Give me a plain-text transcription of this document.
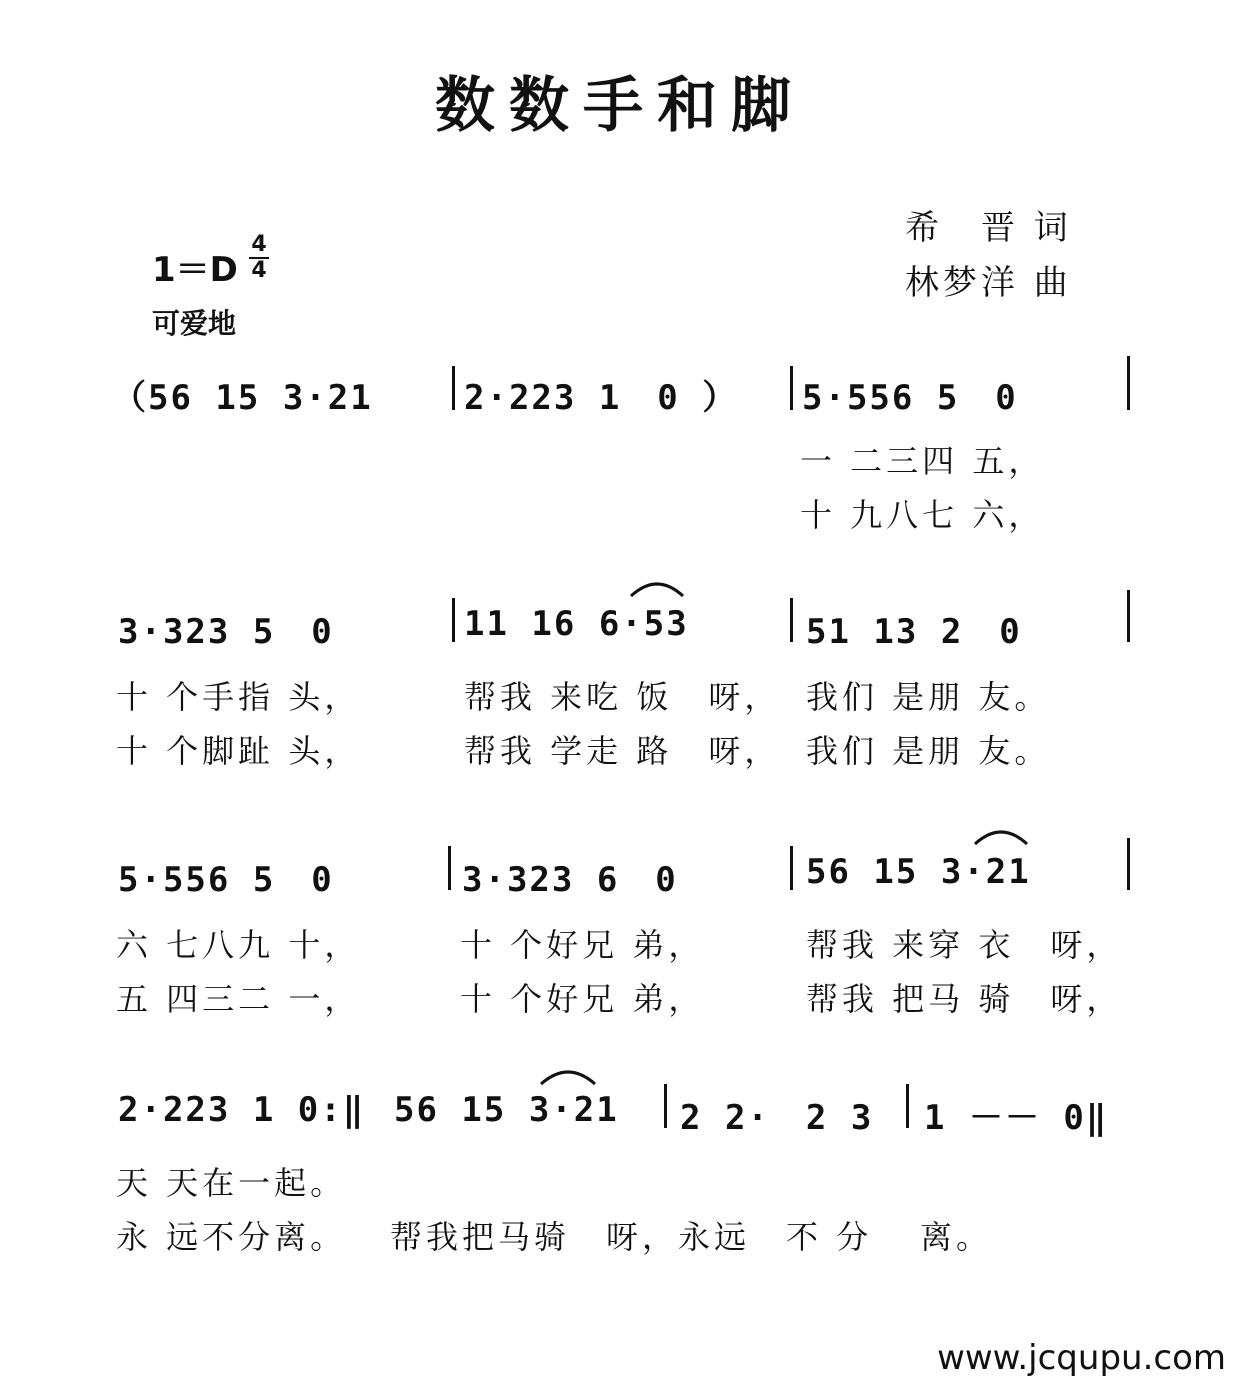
数数手和脚
希　晋 词
林梦洋 曲
1＝D
4
4
可爱地
（56 15 3·21	2·223 1　0 ） 5·556 5　0
一 二三四 五，
十 九八七 六，
3·323 5　0	11 16 6·53	51 13 2　0
十 个手指 头，	帮我 来吃 饭　呀， 我们 是朋 友。
十 个脚趾 头，	帮我 学走 路　呀， 我们 是朋 友。
5·556 5　0	3·323 6　0	56 15 3·21
六 七八九 十，	十 个好兄 弟，	帮我 来穿 衣　呀，
五 四三二 一，	十 个好兄 弟，	帮我 把马 骑　呀，
2·223 1 0:‖ 56 15 3·21 2 2·　2 3 1 －－ 0‖
天 天在一起。
永 远不分离。 帮我把马骑　呀， 永远　不 分 离。
www.jcqupu.com
